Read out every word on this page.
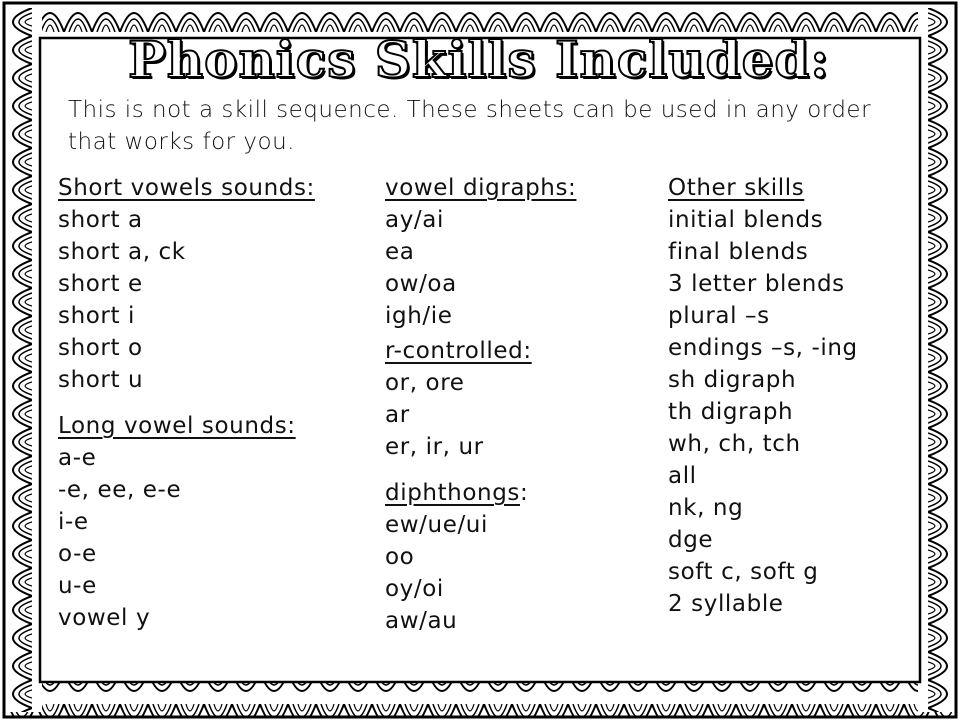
Phonics Skills Included:
This is not a skill sequence. These sheets can be used in any order that works for you.
Short vowels sounds:
short a
short a, ck
short e
short i
short o
short u
Long vowel sounds:
a-e
-e, ee, e-e
i-e
o-e
u-e
vowel y
vowel digraphs:
ay/ai
ea
ow/oa
igh/ie
r-controlled:
or, ore
ar
er, ir, ur
diphthongs:
ew/ue/ui
oo
oy/oi
aw/au
Other skills
initial blends
final blends
3 letter blends
plural –s
endings –s, -ing
sh digraph
th digraph
wh, ch, tch
all
nk, ng
dge
soft c, soft g
2 syllable
